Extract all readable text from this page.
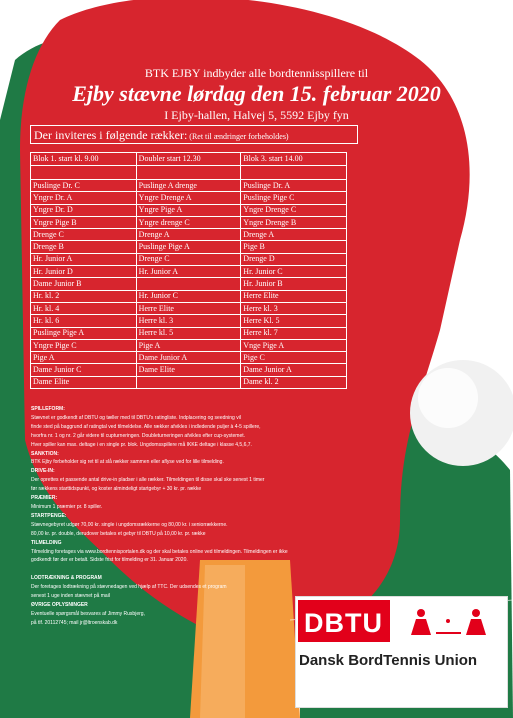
BTK EJBY indbyder alle bordtennisspillere til
Ejby stævne lørdag den 15. februar 2020
I Ejby-hallen, Halvej 5, 5592 Ejby fyn
Der inviteres i følgende rækker: (Ret til ændringer forbeholdes)
Blok 1. start kl. 9.00	Doubler start 12.30	Blok 3. start 14.00

Puslinge Dr. C	Puslinge A drenge	Puslinge Dr. A
Yngre Dr. A	Yngre Drenge A	Puslinge Pige C
Yngre Dr. D	Yngre Pige A	Yngre Drenge C
Yngre Pige B	Yngre drenge C	Yngre Drenge B
Drenge C	Drenge A	Drenge A
Drenge B	Puslinge Pige A	Pige B
Hr. Junior A	Drenge C	Drenge D
Hr. Junior D	Hr. Junior A	Hr. Junior C
Dame Junior B		Hr. Junior B
Hr. kl. 2	Hr. Junior C	Herre Elite
Hr. kl. 4	Herre Elite	Herre kl. 3
Hr. kl. 6	Herre kl. 3	Herre Kl. 5
Puslinge Pige A	Herre kl. 5	Herre kl. 7
Yngre Pige C	Pige A	Vnge Pige A
Pige A	Dame Junior A	Pige C
Dame Junior C	Dame Elite	Dame Junior A
Dame Elite		Dame kl. 2

SPILLEFORM:

Stævnet er godkendt af DBTU og tæller med til DBTU's ratingliste. Indplacering og seedning vil

finde sted på baggrund af ratingtal ved tilmeldelse. Alle rækker afvikles i indledende puljer à 4-5 spillere,

hvorfra nr. 1 og nr. 2 går videre til cupturneringen. Doubleturneringen afvikles efter cup-systemet.

Hver spiller kan max. deltage i en single pr. blok. Ungdomsspillere må IKKE deltage i klasse 4,5,6,7.

SANKTION:

BTK Ejby forbeholder sig ret til at slå rækker sammen eller aflyse ved for lille tilmelding.

DRIVE-IN:

Der oprettes et passende antal drive-in pladser i alle rækker. Tilmeldingen til disse skal ske senest 1 timer

før rækkens starttidspunkt, og koster almindeligt startgebyr + 30 kr. pr. række

PRÆMIER:

Minimum 1 præmier pr. 8 spiller.

STARTPENGE:

Stævnegebyret udgør 70,00 kr. single i ungdomsrækkerne og 80,00 kr. i seniorrækkerne.

80,00 kr. pr. double, derudover betales et gebyr til DBTU på 10,00 kr. pr. række

TILMELDING

Tilmelding foretages via www.bordtennisportalen.dk og der skal betales online ved tilmeldingen. Tilmeldingen er ikke

godkendt før der er betalt. Sidste frist for tilmelding er 31. Januar 2020.

LODTRÆKNING & PROGRAM

Der foretages lodtrækning på stævnedagen ved hjælp af TTC. Der udsendes et program

senest 1 uge inden stævnet på mail

ØVRIGE OPLYSNINGER

Eventuelle spørgsmål besvares af Jimmy Rusbjerg,

på tlf. 20112745; mail jr@ltroenskab.dk	DBTU
Dansk BordTennis Union
